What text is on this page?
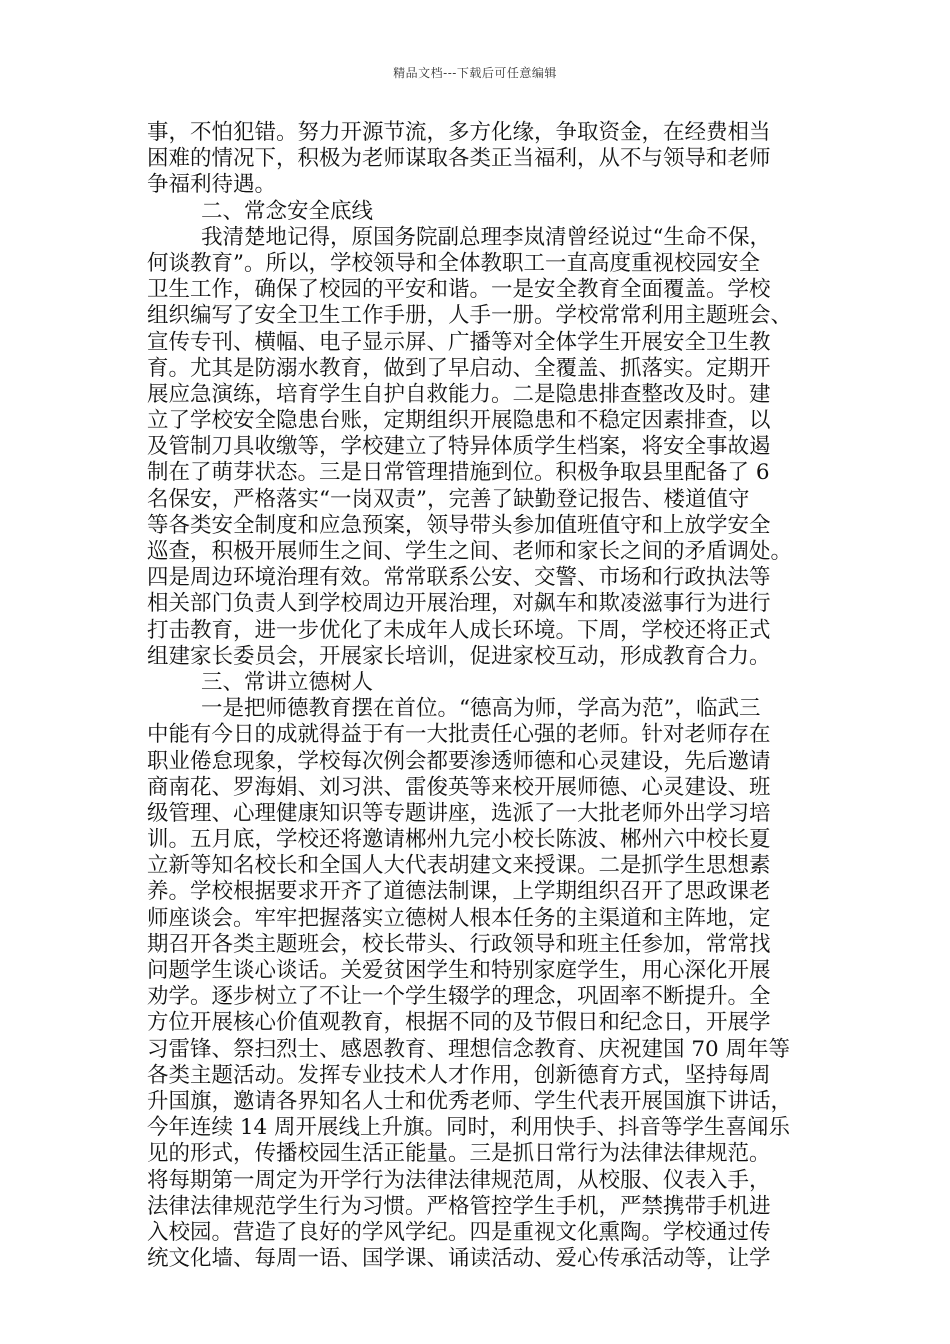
精品文档---下载后可任意编辑
事，不怕犯错。努力开源节流，多方化缘，争取资金，在经费相当
困难的情况下，积极为老师谋取各类正当福利，从不与领导和老师
争福利待遇。
二、常念安全底线
我清楚地记得，原国务院副总理李岚清曾经说过“生命不保，
何谈教育”。所以，学校领导和全体教职工一直高度重视校园安全
卫生工作，确保了校园的平安和谐。一是安全教育全面覆盖。学校
组织编写了安全卫生工作手册，人手一册。学校常常利用主题班会、
宣传专刊、横幅、电子显示屏、广播等对全体学生开展安全卫生教
育。尤其是防溺水教育，做到了早启动、全覆盖、抓落实。定期开
展应急演练，培育学生自护自救能力。二是隐患排查整改及时。建
立了学校安全隐患台账，定期组织开展隐患和不稳定因素排查，以
及管制刀具收缴等，学校建立了特异体质学生档案，将安全事故遏
制在了萌芽状态。三是日常管理措施到位。积极争取县里配备了 6
名保安，严格落实“一岗双责”，完善了缺勤登记报告、楼道值守
等各类安全制度和应急预案，领导带头参加值班值守和上放学安全
巡查，积极开展师生之间、学生之间、老师和家长之间的矛盾调处。
四是周边环境治理有效。常常联系公安、交警、市场和行政执法等
相关部门负责人到学校周边开展治理，对飙车和欺凌滋事行为进行
打击教育，进一步优化了未成年人成长环境。下周，学校还将正式
组建家长委员会，开展家长培训，促进家校互动，形成教育合力。
三、常讲立德树人
一是把师德教育摆在首位。“德高为师，学高为范”，临武三
中能有今日的成就得益于有一大批责任心强的老师。针对老师存在
职业倦怠现象，学校每次例会都要渗透师德和心灵建设，先后邀请
商南花、罗海娟、刘习洪、雷俊英等来校开展师德、心灵建设、班
级管理、心理健康知识等专题讲座，选派了一大批老师外出学习培
训。五月底，学校还将邀请郴州九完小校长陈波、郴州六中校长夏
立新等知名校长和全国人大代表胡建文来授课。二是抓学生思想素
养。学校根据要求开齐了道德法制课，上学期组织召开了思政课老
师座谈会。牢牢把握落实立德树人根本任务的主渠道和主阵地，定
期召开各类主题班会，校长带头、行政领导和班主任参加，常常找
问题学生谈心谈话。关爱贫困学生和特别家庭学生，用心深化开展
劝学。逐步树立了不让一个学生辍学的理念，巩固率不断提升。全
方位开展核心价值观教育，根据不同的及节假日和纪念日，开展学
习雷锋、祭扫烈士、感恩教育、理想信念教育、庆祝建国 70 周年等
各类主题活动。发挥专业技术人才作用，创新德育方式，坚持每周
升国旗，邀请各界知名人士和优秀老师、学生代表开展国旗下讲话，
今年连续 14 周开展线上升旗。同时，利用快手、抖音等学生喜闻乐
见的形式，传播校园生活正能量。三是抓日常行为法律法律规范。
将每期第一周定为开学行为法律法律规范周，从校服、仪表入手，
法律法律规范学生行为习惯。严格管控学生手机，严禁携带手机进
入校园。营造了良好的学风学纪。四是重视文化熏陶。学校通过传
统文化墙、每周一语、国学课、诵读活动、爱心传承活动等，让学
